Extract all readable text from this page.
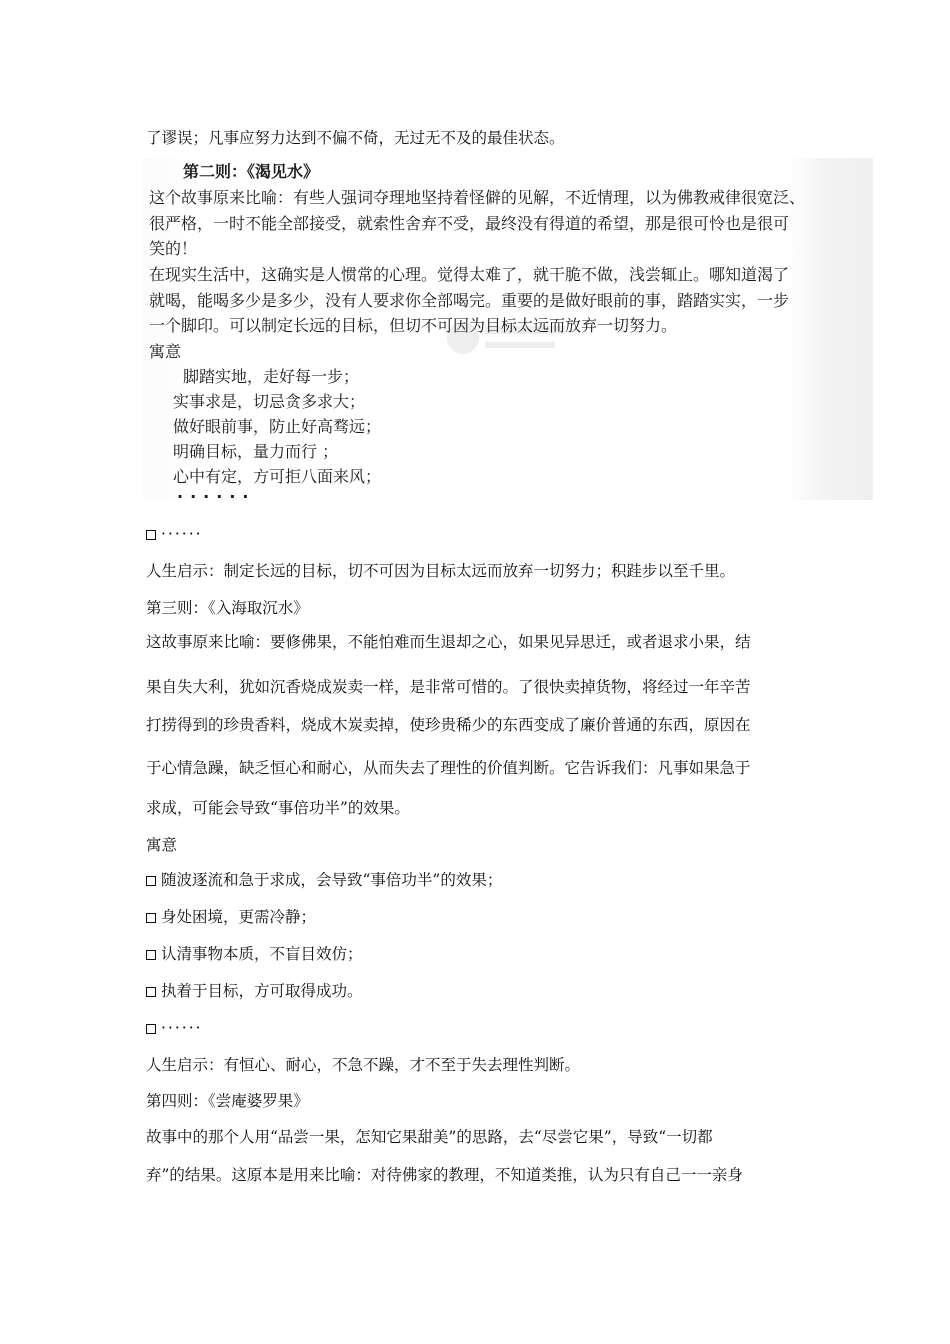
了谬误；凡事应努力达到不偏不倚，无过无不及的最佳状态。
第二则：《渴见水》
这个故事原来比喻：有些人强词夺理地坚持着怪僻的见解，不近情理，以为佛教戒律很宽泛、
很严格，一时不能全部接受，就索性舍弃不受，最终没有得道的希望，那是很可怜也是很可
笑的！
在现实生活中，这确实是人惯常的心理。觉得太难了，就干脆不做，浅尝辄止。哪知道渴了
就喝，能喝多少是多少，没有人要求你全部喝完。重要的是做好眼前的事，踏踏实实，一步
一个脚印。可以制定长远的目标，但切不可因为目标太远而放弃一切努力。
寓意
脚踏实地，走好每一步；
实事求是，切忌贪多求大；
做好眼前事，防止好高骛远；
明确目标，量力而行 ；
心中有定，方可拒八面来风；
······
······
人生启示：制定长远的目标，切不可因为目标太远而放弃一切努力；积跬步以至千里。
第三则：《入海取沉水》
这故事原来比喻：要修佛果，不能怕难而生退却之心，如果见异思迁，或者退求小果，结
果自失大利，犹如沉香烧成炭卖一样，是非常可惜的。了很快卖掉货物，将经过一年辛苦
打捞得到的珍贵香料，烧成木炭卖掉，使珍贵稀少的东西变成了廉价普通的东西，原因在
于心情急躁，缺乏恒心和耐心，从而失去了理性的价值判断。它告诉我们：凡事如果急于
求成，可能会导致“事倍功半”的效果。
寓意
随波逐流和急于求成，会导致“事倍功半”的效果；
身处困境，更需冷静；
认清事物本质，不盲目效仿；
执着于目标，方可取得成功。
······
人生启示：有恒心、耐心，不急不躁，才不至于失去理性判断。
第四则：《尝庵婆罗果》
故事中的那个人用“品尝一果，怎知它果甜美”的思路，去“尽尝它果”，导致“一切都
弃”的结果。这原本是用来比喻：对待佛家的教理，不知道类推，认为只有自己一一亲身
